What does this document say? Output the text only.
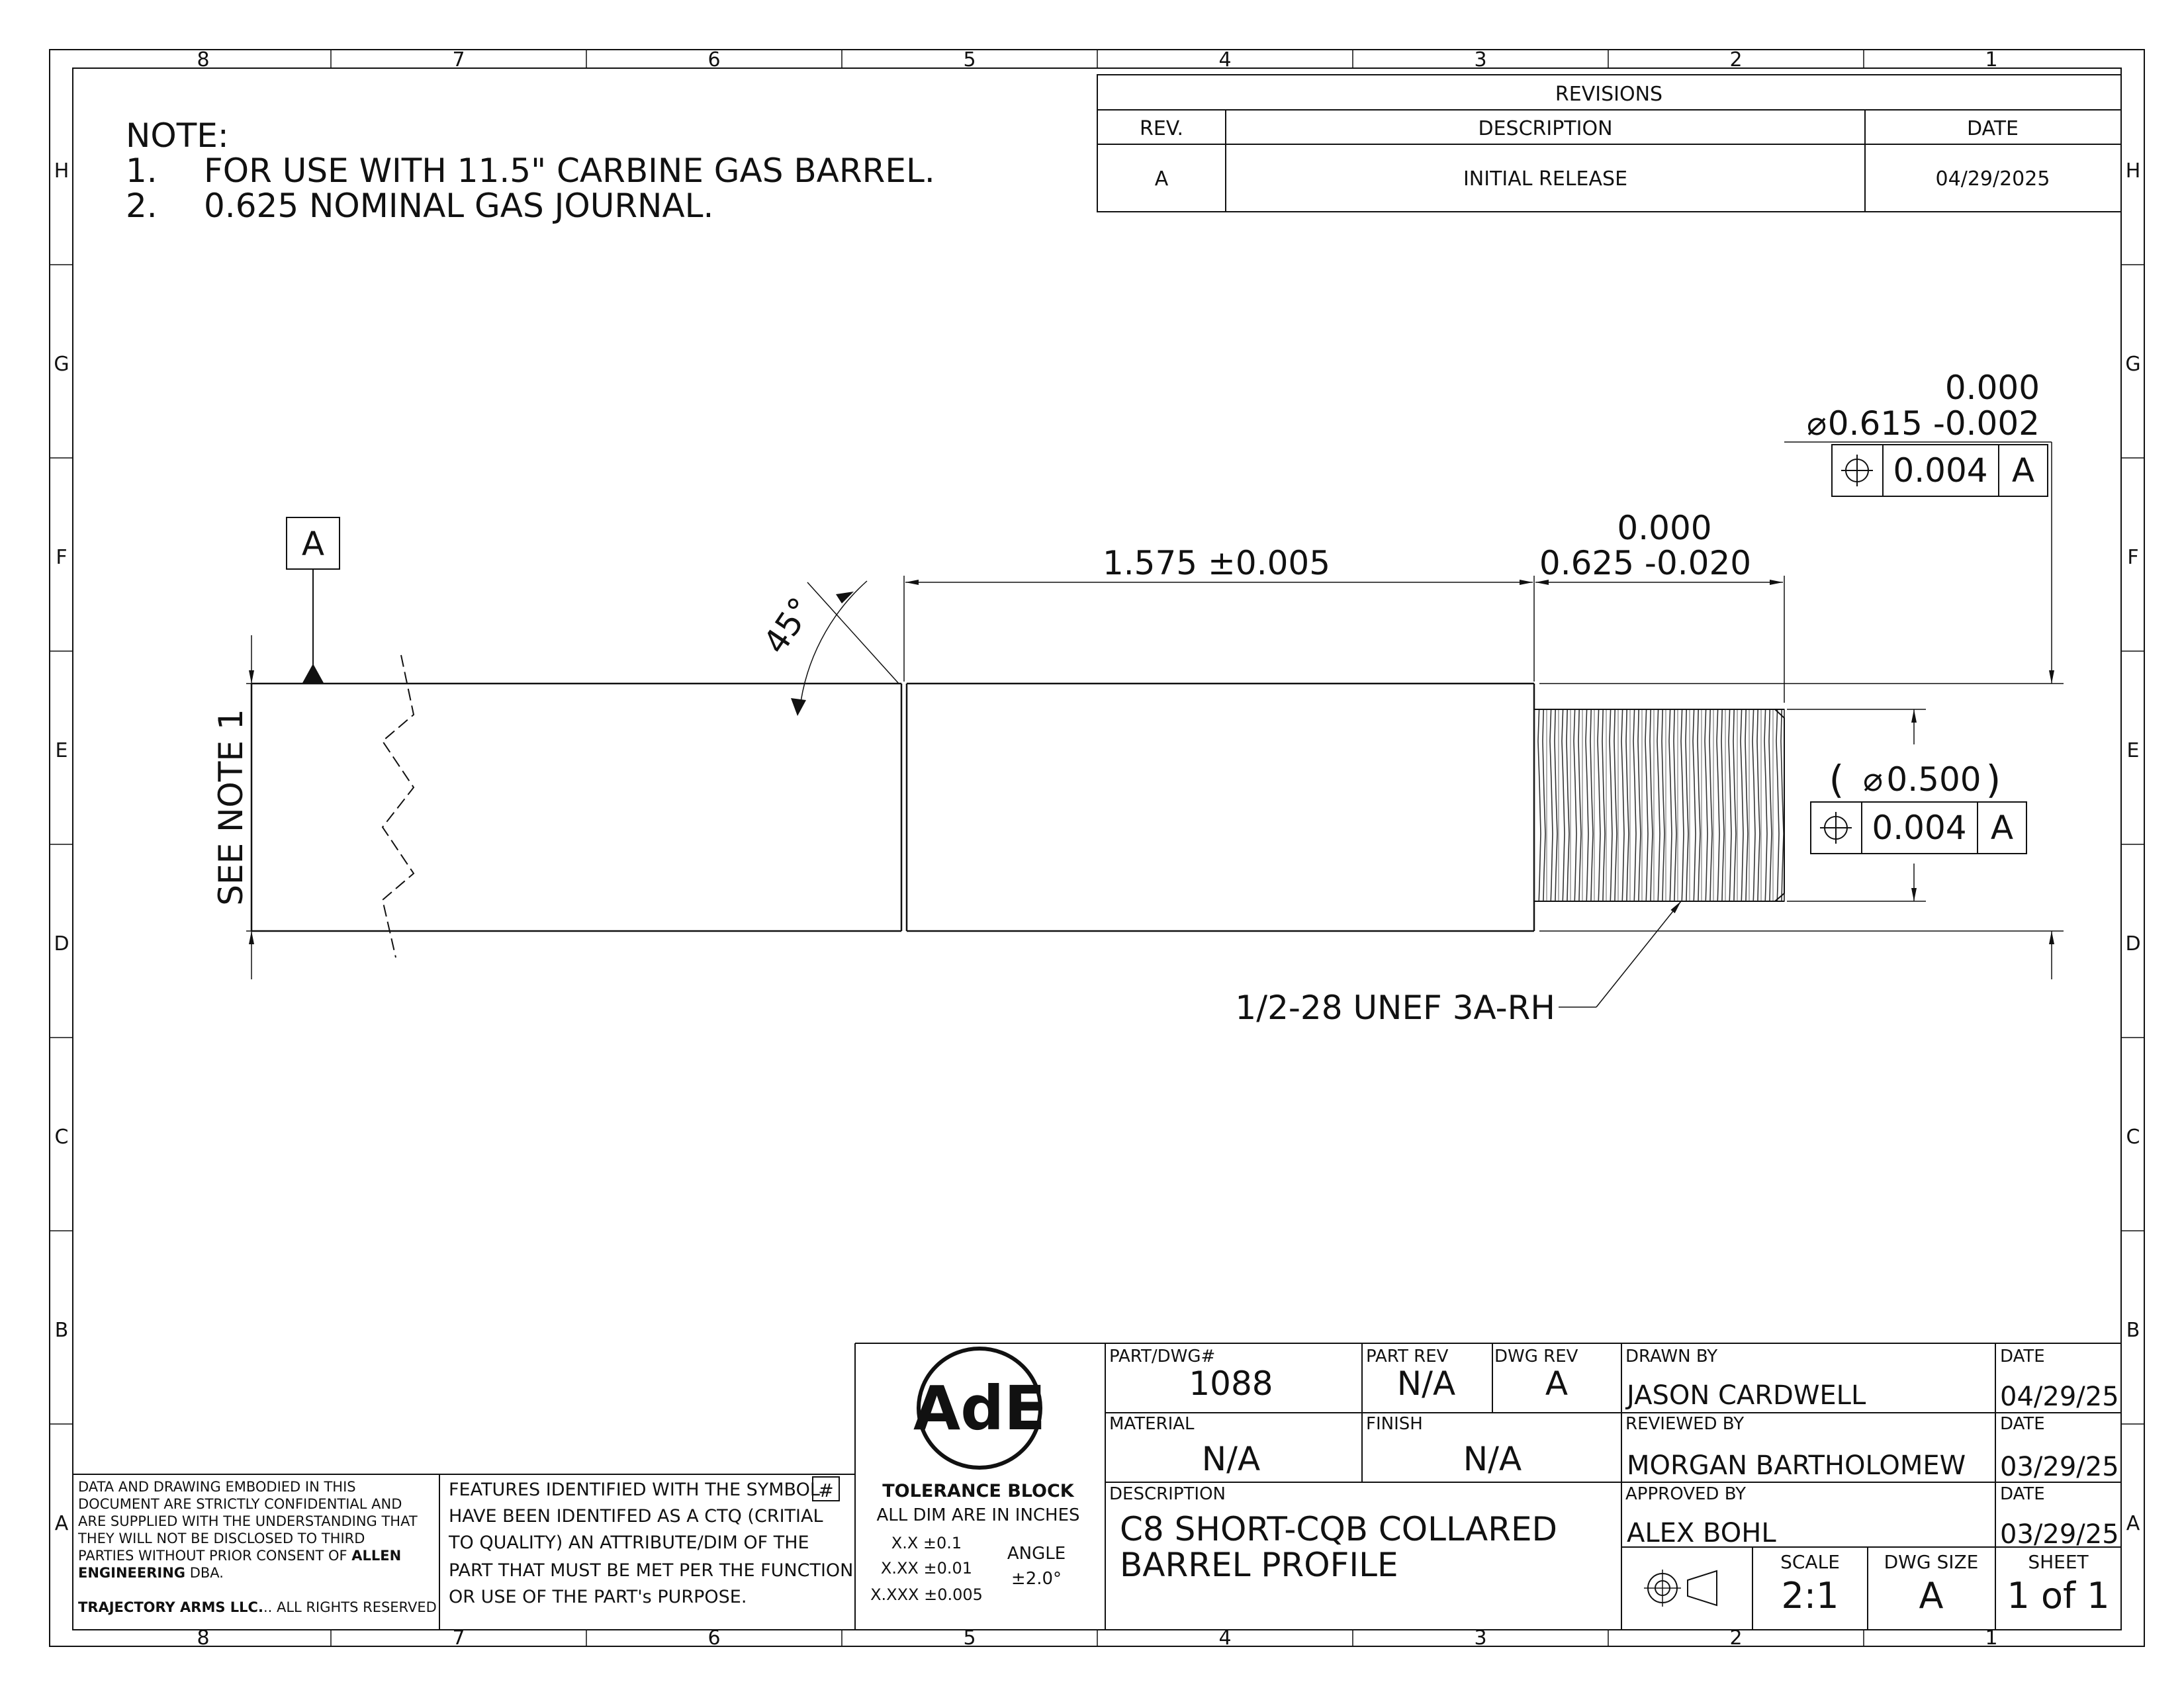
8	7	6	5	4	3	2	1
8	7	6	5	4	3	2	1
H
G
F
E
D
C
B
A
H
G
F
E
D
C
B
A
NOTE:
1. FOR USE WITH 11.5" CARBINE GAS BARREL.
2. 0.625 NOMINAL GAS JOURNAL.
REVISIONS
REV.	DESCRIPTION	DATE
A	INITIAL RELEASE	04/29/2025
A
SEE NOTE 1
45°
1.575 ±0.005
0.000
0.625 -0.020
0.000
⌀ 0.615 -0.002
0.004 A
( ⌀ 0.500 )
0.004 A
1/2-28 UNEF 3A-RH
DATA AND DRAWING EMBODIED IN THIS
DOCUMENT ARE STRICTLY CONFIDENTIAL AND
ARE SUPPLIED WITH THE UNDERSTANDING THAT
THEY WILL NOT BE DISCLOSED TO THIRD
PARTIES WITHOUT PRIOR CONSENT OF ALLEN
ENGINEERING DBA.
TRAJECTORY ARMS LLC... ALL RIGHTS RESERVED
FEATURES IDENTIFIED WITH THE SYMBOL
#
HAVE BEEN IDENTIFED AS A CTQ (CRITIAL
TO QUALITY) AN ATTRIBUTE/DIM OF THE
PART THAT MUST BE MET PER THE FUNCTION
OR USE OF THE PART's PURPOSE.
AdE
TOLERANCE BLOCK
ALL DIM ARE IN INCHES
X.X ±0.1
X.XX ±0.01
X.XXX ±0.005
ANGLE
±2.0°
PART/DWG#
1088
PART REV
N/A
DWG REV
A
MATERIAL
N/A
FINISH
N/A
DESCRIPTION
C8 SHORT-CQB COLLARED
BARREL PROFILE
DRAWN BY
JASON CARDWELL
REVIEWED BY
MORGAN BARTHOLOMEW
APPROVED BY
ALEX BOHL
DATE
04/29/25
DATE
03/29/25
DATE
03/29/25
SCALE
2:1
DWG SIZE
A
SHEET
1 of 1
